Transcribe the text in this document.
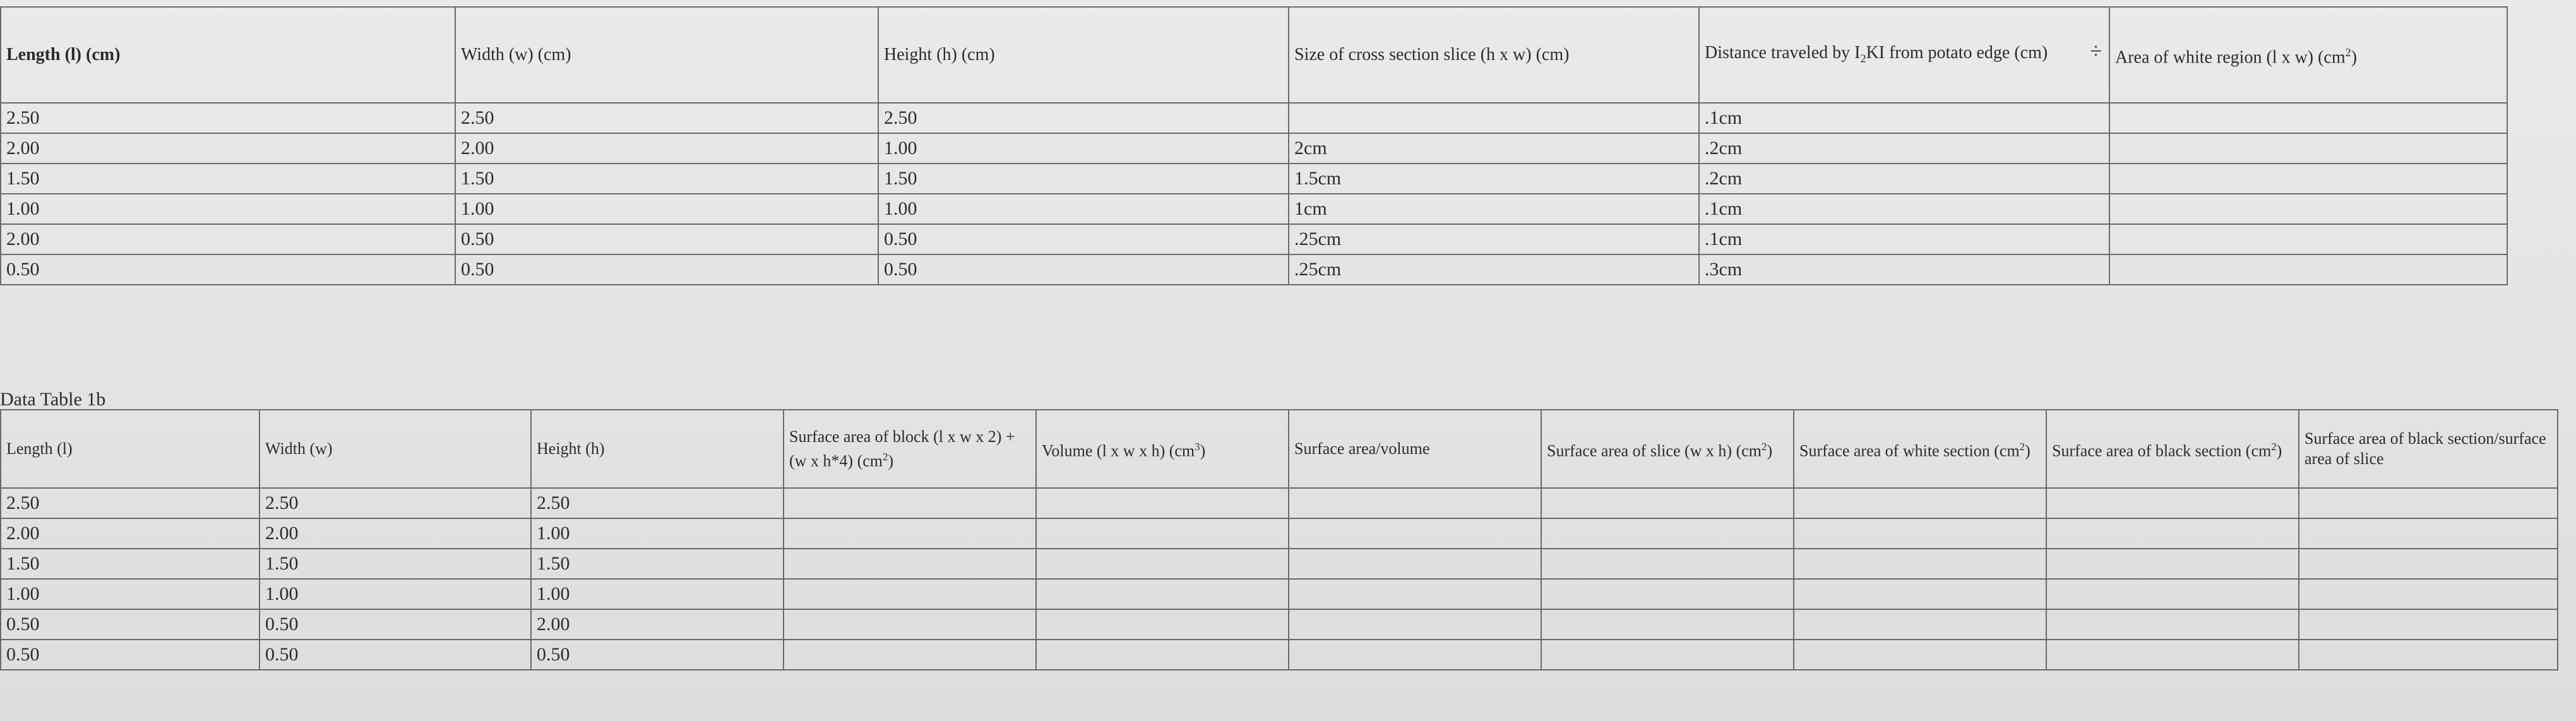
Length (l) (cm)	Width (w) (cm)	Height (h) (cm)	Size of cross section slice (h x w) (cm)	Distance traveled by $I_2KI$ from potato edge (cm) ÷	Area of white region (l x w) $(cm^2)$
2.50	2.50	2.50		.1cm	
2.00	2.00	1.00	2cm	.2cm	
1.50	1.50	1.50	1.5cm	.2cm	
1.00	1.00	1.00	1cm	.1cm	
2.00	0.50	0.50	.25cm	.1cm	
0.50	0.50	0.50	.25cm	.3cm	
Data Table 1b
Length (l)	Width (w)	Height (h)	Surface area of block (l x w x 2) + (w x h*4) $(cm^2)$	Volume (l x w x h) $(cm^3)$	Surface area/volume	Surface area of slice (w x h) $(cm^2)$	Surface area of white section $(cm^2)$	Surface area of black section $(cm^2)$	Surface area of black section/surface area of slice
2.50	2.50	2.50							
2.00	2.00	1.00							
1.50	1.50	1.50							
1.00	1.00	1.00							
0.50	0.50	2.00							
0.50	0.50	0.50							
